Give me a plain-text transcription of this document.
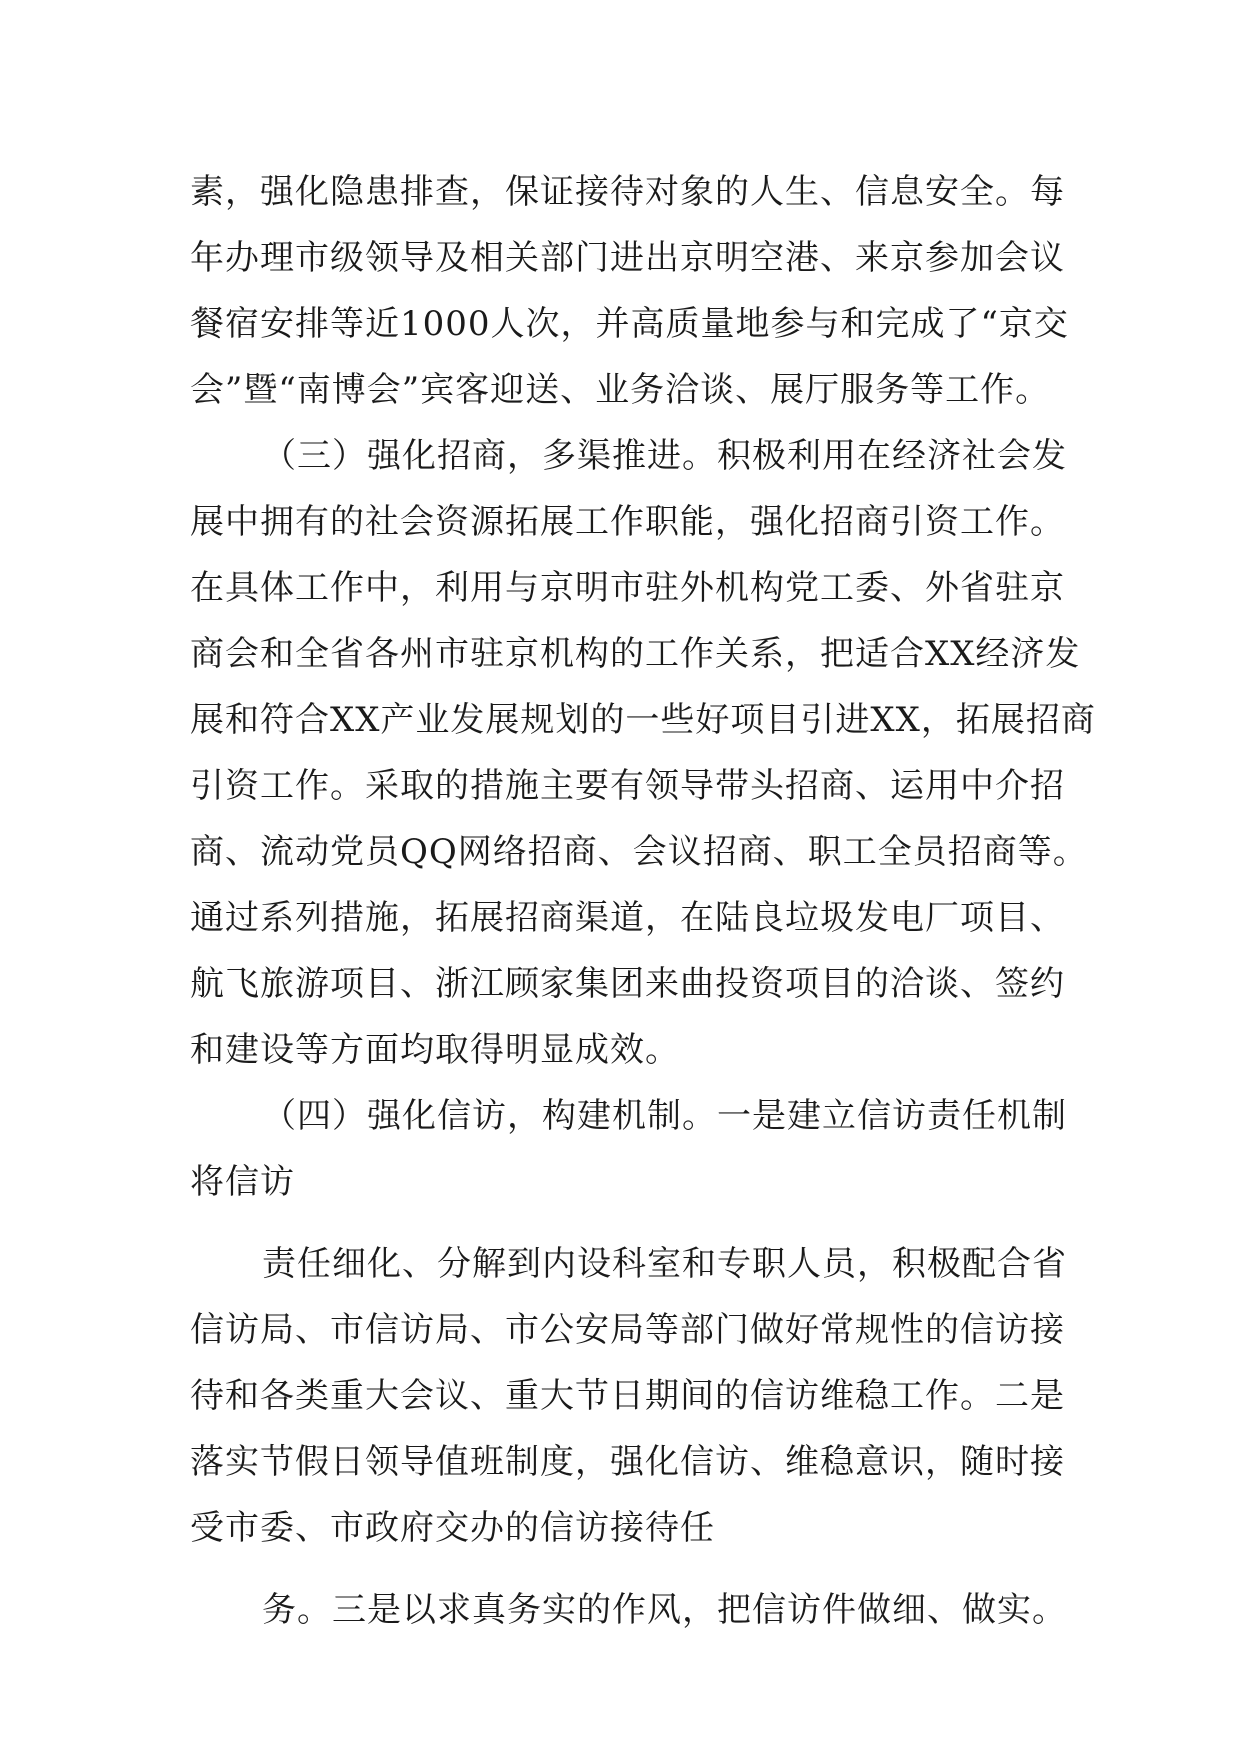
素，强化隐患排查，保证接待对象的人生、信息安全。每
年办理市级领导及相关部门进出京明空港、来京参加会议
餐宿安排等近1000人次，并高质量地参与和完成了“京交
会”暨“南博会”宾客迎送、业务洽谈、展厅服务等工作。
（三）强化招商，多渠推进。积极利用在经济社会发
展中拥有的社会资源拓展工作职能，强化招商引资工作。
在具体工作中，利用与京明市驻外机构党工委、外省驻京
商会和全省各州市驻京机构的工作关系，把适合XX经济发
展和符合XX产业发展规划的一些好项目引进XX，拓展招商
引资工作。采取的措施主要有领导带头招商、运用中介招
商、流动党员QQ网络招商、会议招商、职工全员招商等。
通过系列措施，拓展招商渠道，在陆良垃圾发电厂项目、
航飞旅游项目、浙江顾家集团来曲投资项目的洽谈、签约
和建设等方面均取得明显成效。
（四）强化信访，构建机制。一是建立信访责任机制
将信访
责任细化、分解到内设科室和专职人员，积极配合省
信访局、市信访局、市公安局等部门做好常规性的信访接
待和各类重大会议、重大节日期间的信访维稳工作。二是
落实节假日领导值班制度，强化信访、维稳意识，随时接
受市委、市政府交办的信访接待任
务。三是以求真务实的作风，把信访件做细、做实。
